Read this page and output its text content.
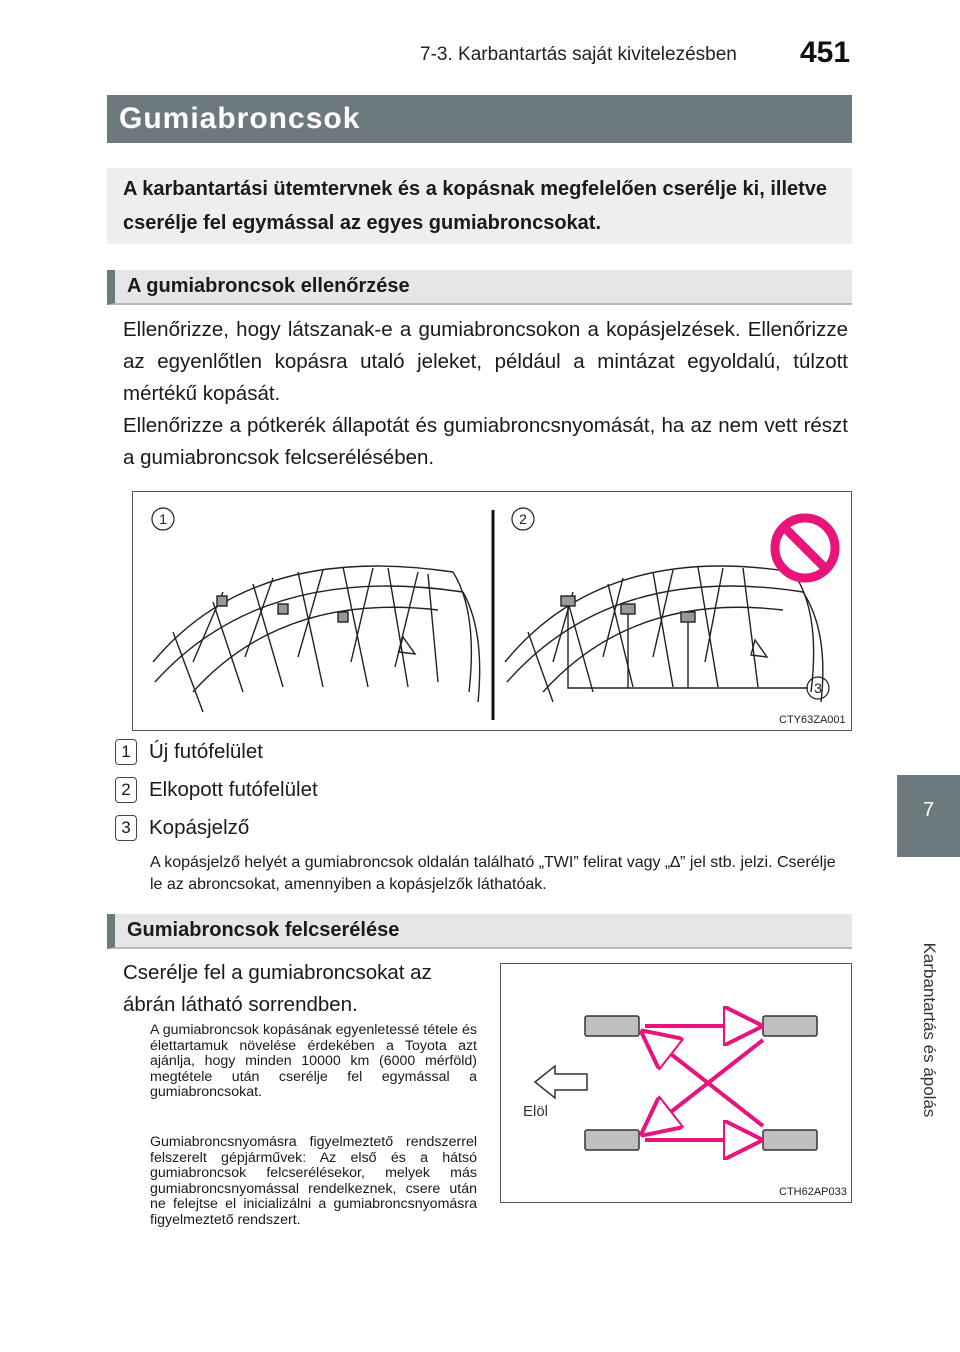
7-3. Karbantartás saját kivitelezésben 451
7
Karbantartás és ápolás
Gumiabroncsok
A karbantartási ütemtervnek és a kopásnak megfelelően cserélje ki, illetve cserélje fel egymással az egyes gumiabroncsokat.
A gumiabroncsok ellenőrzése
Ellenőrizze, hogy látszanak-e a gumiabroncsokon a kopásjelzések. Ellenőrizze az egyenlőtlen kopásra utaló jeleket, például a mintázat egyoldalú, túlzott mértékű kopását.
Ellenőrizze a pótkerék állapotát és gumiabroncsnyomását, ha az nem vett részt a gumiabroncsok felcserélésében.
1	2
3
CTY63ZA001
1 Új futófelület
2 Elkopott futófelület
3 Kopásjelző
A kopásjelző helyét a gumiabroncsok oldalán található „TWI” felirat vagy „∆” jel stb. jelzi. Cserélje le az abroncsokat, amennyiben a kopásjelzők láthatóak.
Gumiabroncsok felcserélése
Cserélje fel a gumiabroncsokat az ábrán látható sorrendben.
A gumiabroncsok kopásának egyenletessé tétele és élettartamuk növelése érdekében a Toyota azt ajánlja, hogy minden 10000 km (6000 mérföld) megtétele után cserélje fel egymással a gumiabroncsokat.
Gumiabroncsnyomásra figyelmeztető rendszerrel felszerelt gépjárművek: Az első és a hátsó gumiabroncsok felcserélésekor, melyek más gumiabroncsnyomással rendelkeznek, csere után ne felejtse el inicializálni a gumiabroncsnyomásra figyelmeztető rendszert.
Elöl
CTH62AP033
